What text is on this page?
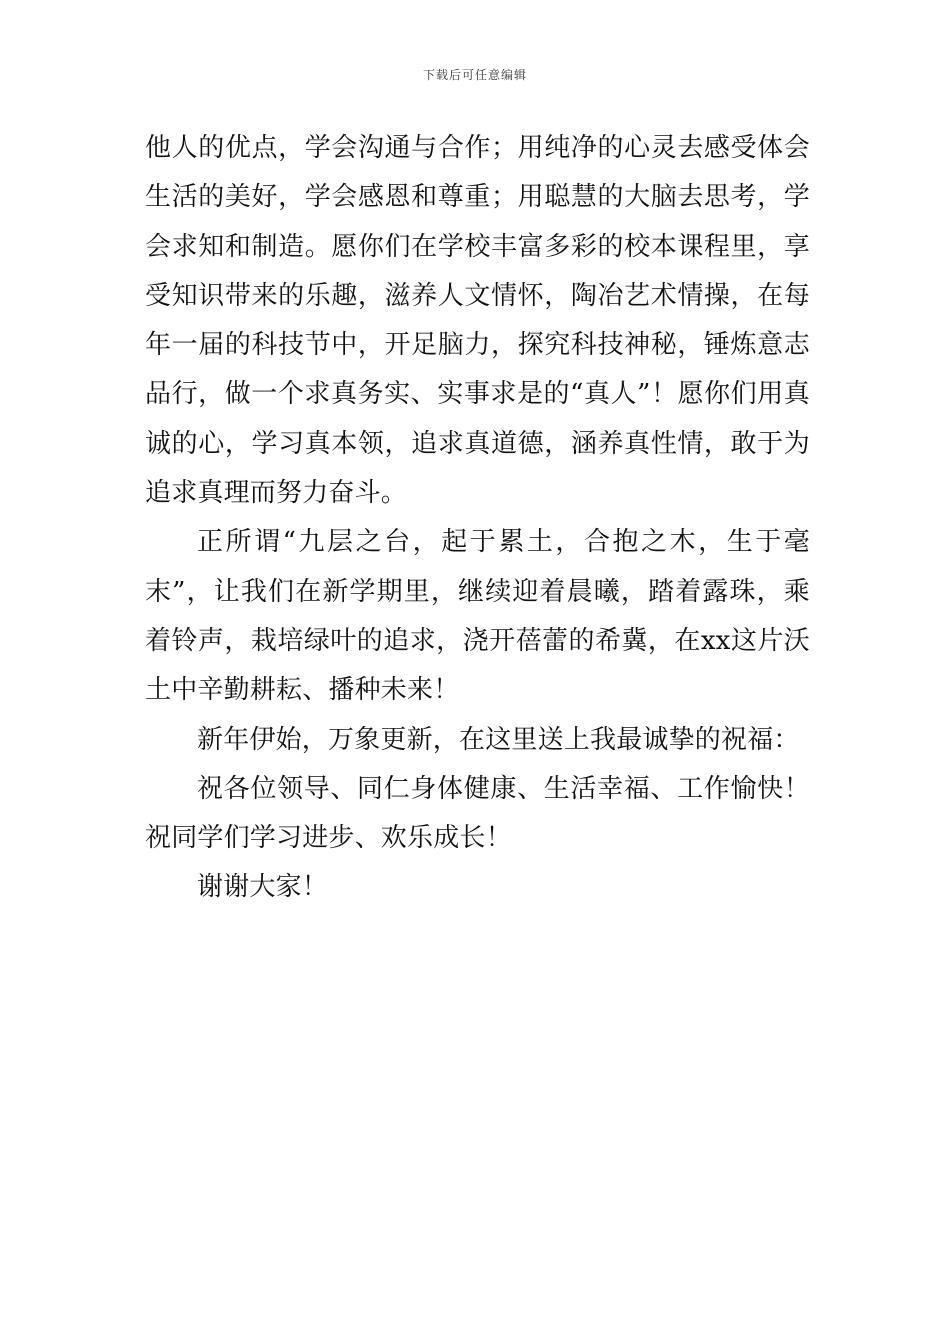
下载后可任意编辑

他人的优点，学会沟通与合作；用纯净的心灵去感受体会生活的美好，学会感恩和尊重；用聪慧的大脑去思考，学会求知和制造。愿你们在学校丰富多彩的校本课程里，享受知识带来的乐趣，滋养人文情怀，陶冶艺术情操，在每年一届的科技节中，开足脑力，探究科技神秘，锤炼意志品行，做一个求真务实、实事求是的“真人”！愿你们用真诚的心，学习真本领，追求真道德，涵养真性情，敢于为追求真理而努力奋斗。

正所谓“九层之台，起于累土，合抱之木，生于毫末”，让我们在新学期里，继续迎着晨曦，踏着露珠，乘着铃声，栽培绿叶的追求，浇开蓓蕾的希冀，在xx这片沃土中辛勤耕耘、播种未来！

新年伊始，万象更新，在这里送上我最诚挚的祝福：

祝各位领导、同仁身体健康、生活幸福、工作愉快！祝同学们学习进步、欢乐成长！

谢谢大家！
